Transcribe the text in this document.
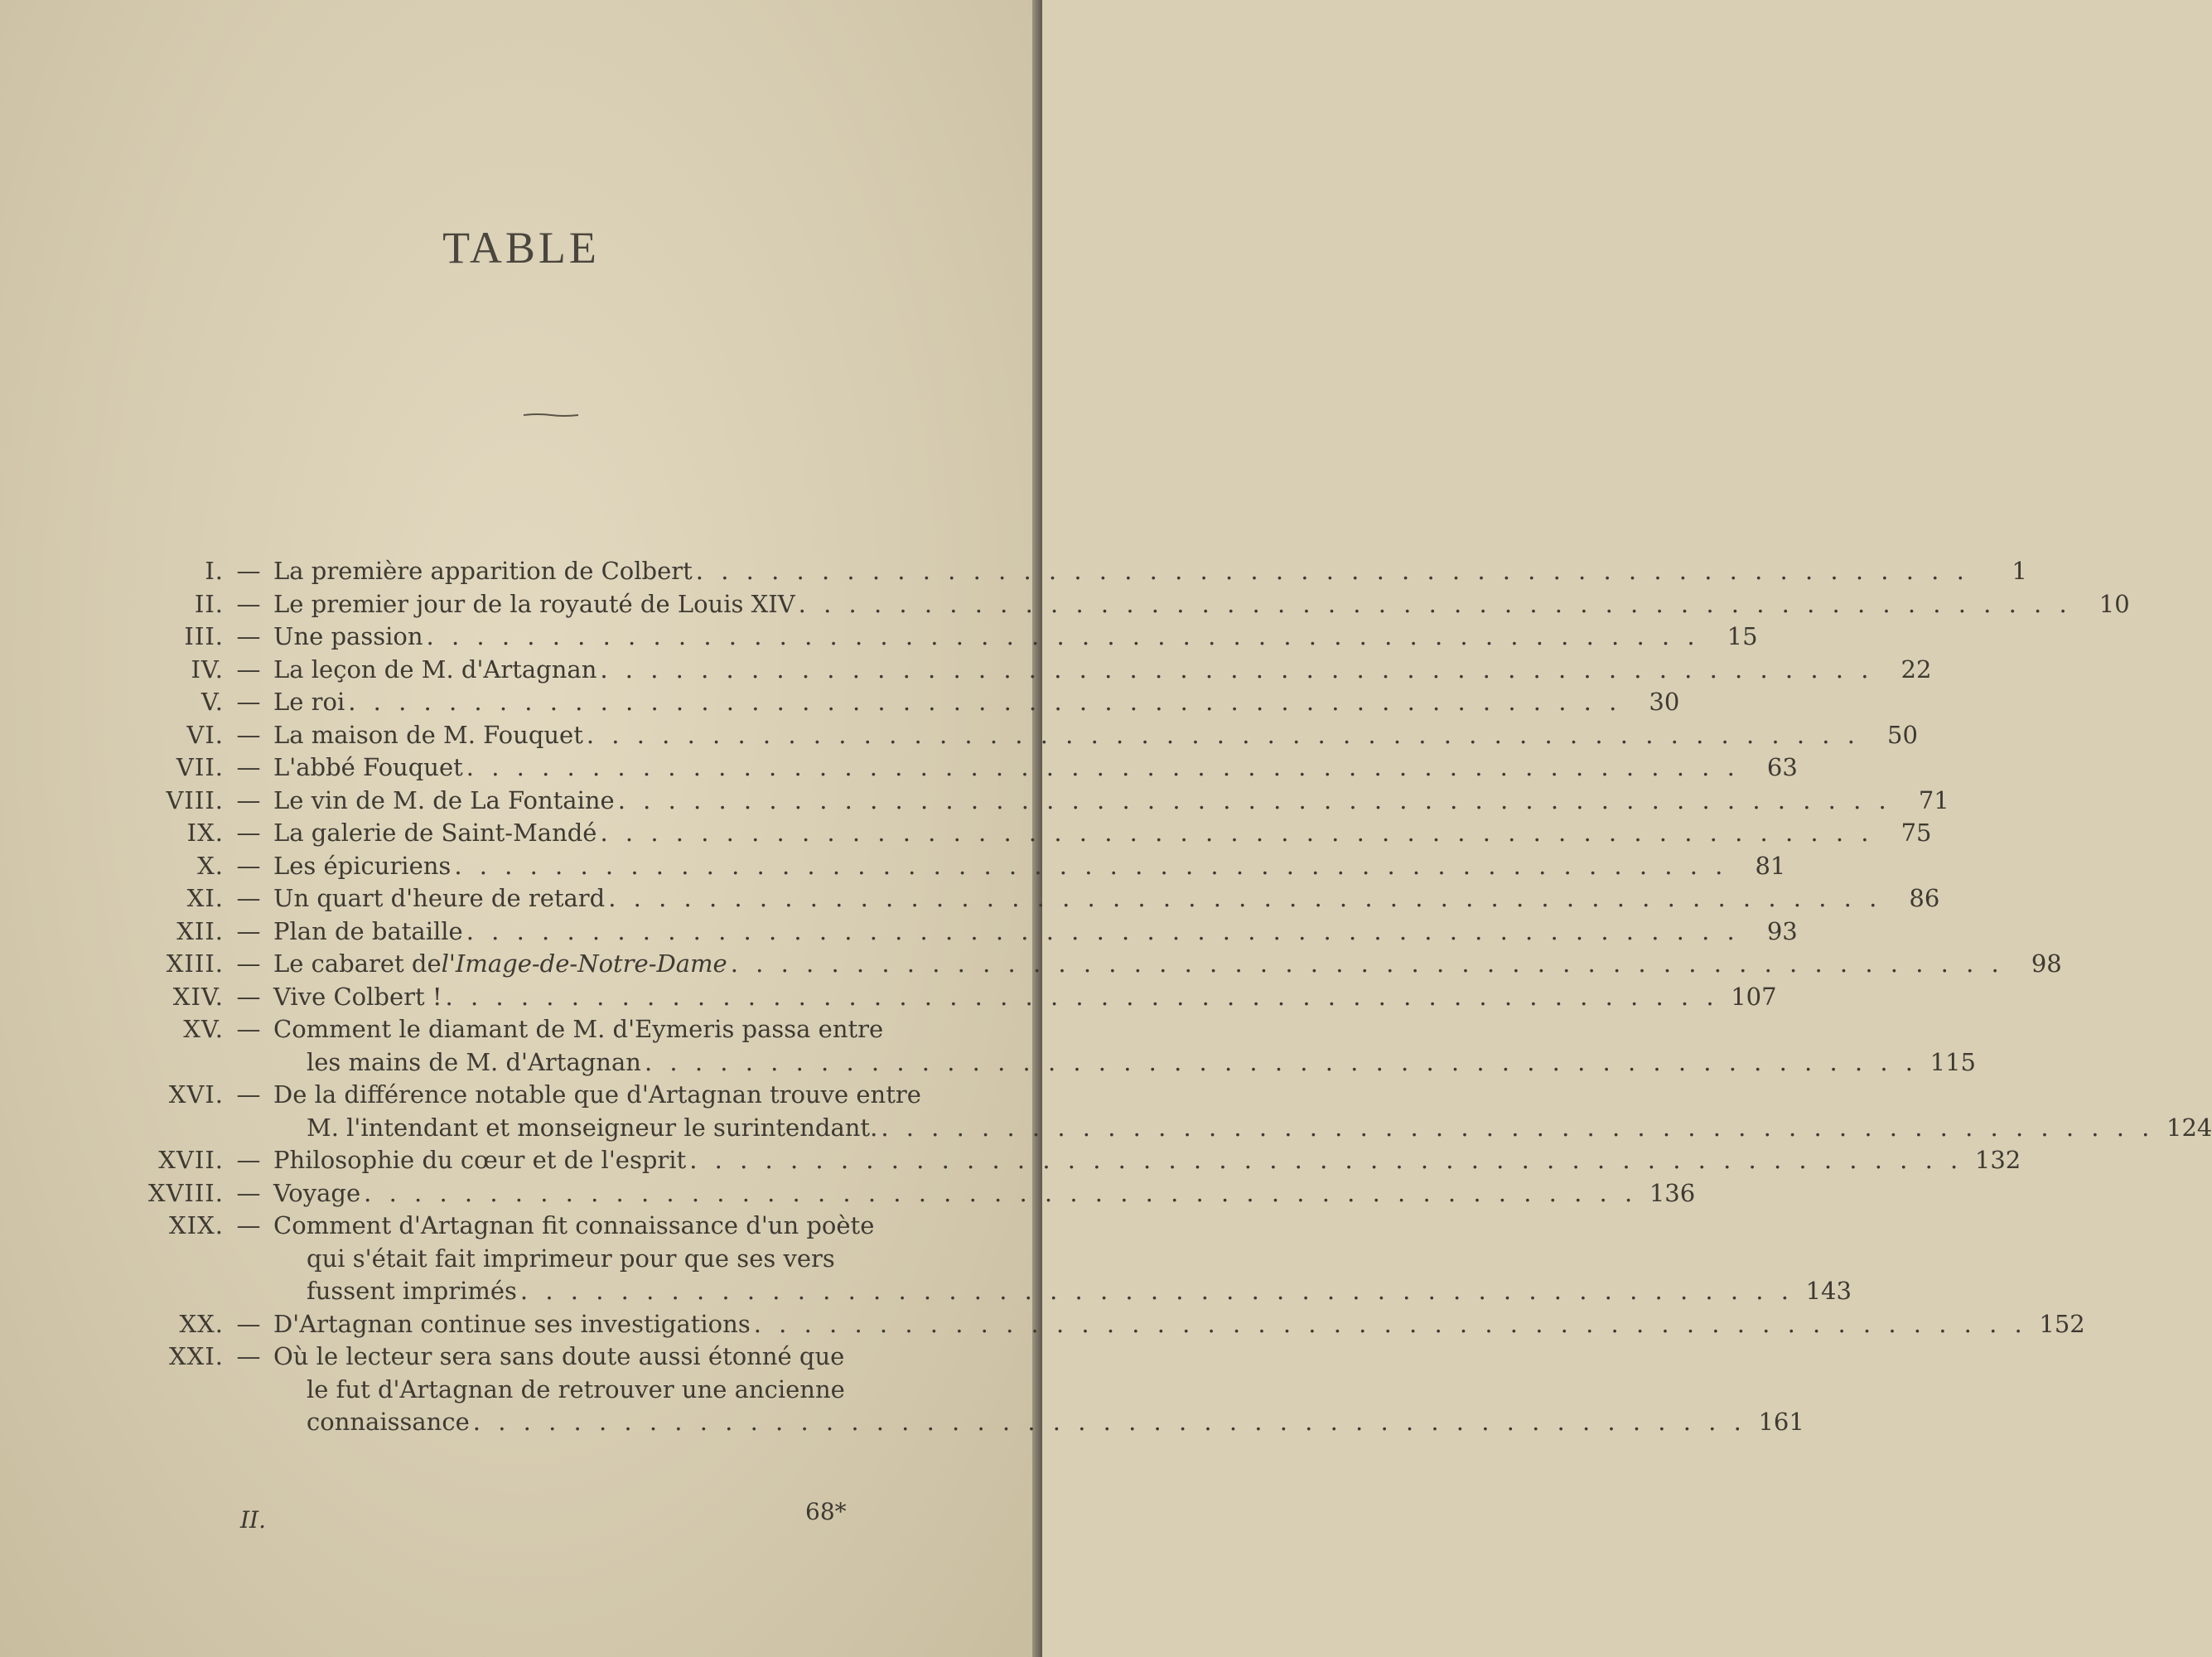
TABLE
I. — La première apparition de Colbert . . .	1
II. — Le premier jour de la royauté de Louis XIV . . .	10
III. — Une passion . . .	15
IV. — La leçon de M. d'Artagnan . . .	22
V. — Le roi . . .	30
VI. — La maison de M. Fouquet . . .	50
VII. — L'abbé Fouquet . . .	63
VIII. — Le vin de M. de La Fontaine . . .	71
IX. — La galerie de Saint-Mandé . . .	75
X. — Les épicuriens . . .	81
XI. — Un quart d'heure de retard . . .	86
XII. — Plan de bataille . . .	93
XIII. — Le cabaret de l'Image-de-Notre-Dame . . .	98
XIV. — Vive Colbert ! . . .	107
XV. — Comment le diamant de M. d'Eymeris passa entre
les mains de M. d'Artagnan . . .	115
XVI. — De la différence notable que d'Artagnan trouve entre
M. l'intendant et monseigneur le surintendant. . . .	124
XVII. — Philosophie du cœur et de l'esprit . . .	132
XVIII. — Voyage . . .	136
XIX. — Comment d'Artagnan fit connaissance d'un poète
qui s'était fait imprimeur pour que ses vers
fussent imprimés . . .	143
XX. — D'Artagnan continue ses investigations . . .	152
XXI. — Où le lecteur sera sans doute aussi étonné que
le fut d'Artagnan de retrouver une ancienne
connaissance . . .	161
II.	68*
